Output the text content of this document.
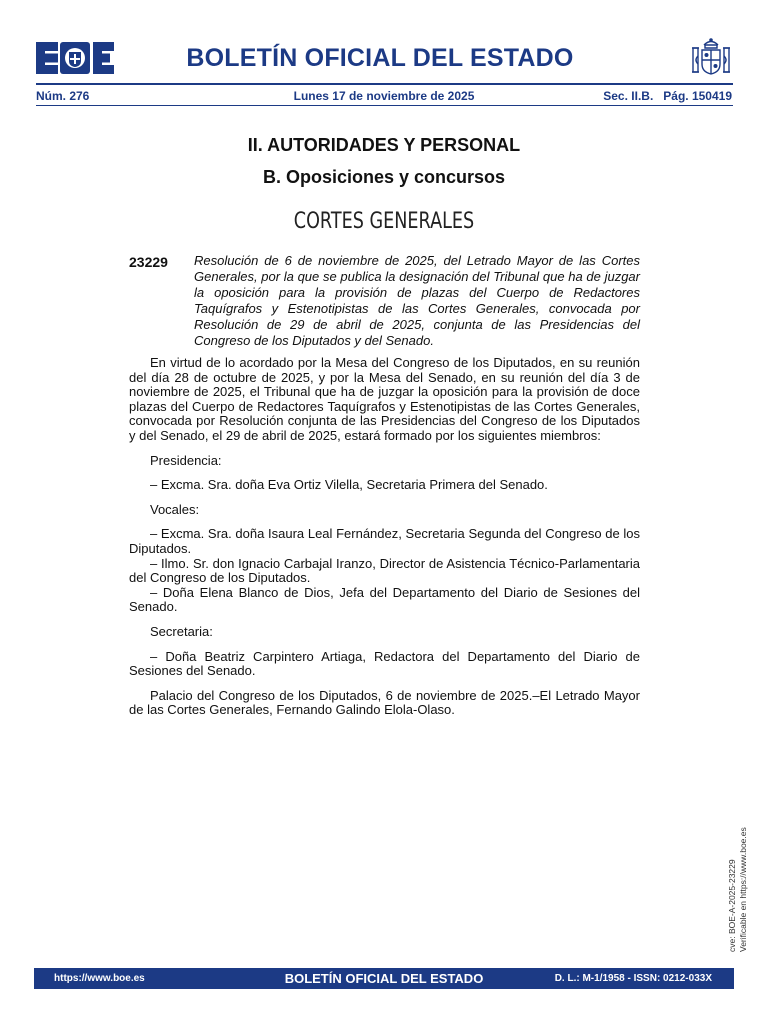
BOLETÍN OFICIAL DEL ESTADO
Núm. 276	Lunes 17 de noviembre de 2025	Sec. II.B.   Pág. 150419
II. AUTORIDADES Y PERSONAL
B. Oposiciones y concursos
CORTES GENERALES
23229 Resolución de 6 de noviembre de 2025, del Letrado Mayor de las Cortes Generales, por la que se publica la designación del Tribunal que ha de juzgar la oposición para la provisión de plazas del Cuerpo de Redactores Taquígrafos y Estenotipistas de las Cortes Generales, convocada por Resolución de 29 de abril de 2025, conjunta de las Presidencias del Congreso de los Diputados y del Senado.

En virtud de lo acordado por la Mesa del Congreso de los Diputados, en su reunión del día 28 de octubre de 2025, y por la Mesa del Senado, en su reunión del día 3 de noviembre de 2025, el Tribunal que ha de juzgar la oposición para la provisión de doce plazas del Cuerpo de Redactores Taquígrafos y Estenotipistas de las Cortes Generales, convocada por Resolución conjunta de las Presidencias del Congreso de los Diputados y del Senado, el 29 de abril de 2025, estará formado por los siguientes miembros:

Presidencia:

– Excma. Sra. doña Eva Ortiz Vilella, Secretaria Primera del Senado.

Vocales:

– Excma. Sra. doña Isaura Leal Fernández, Secretaria Segunda del Congreso de los Diputados.

– Ilmo. Sr. don Ignacio Carbajal Iranzo, Director de Asistencia Técnico-Parlamentaria del Congreso de los Diputados.

– Doña Elena Blanco de Dios, Jefa del Departamento del Diario de Sesiones del Senado.

Secretaria:

– Doña Beatriz Carpintero Artiaga, Redactora del Departamento del Diario de Sesiones del Senado.

Palacio del Congreso de los Diputados, 6 de noviembre de 2025.–El Letrado Mayor de las Cortes Generales, Fernando Galindo Elola-Olaso.

cve: BOE-A-2025-23229 Verificable en https://www.boe.es
https://www.boe.es	BOLETÍN OFICIAL DEL ESTADO	D. L.: M-1/1958 - ISSN: 0212-033X
